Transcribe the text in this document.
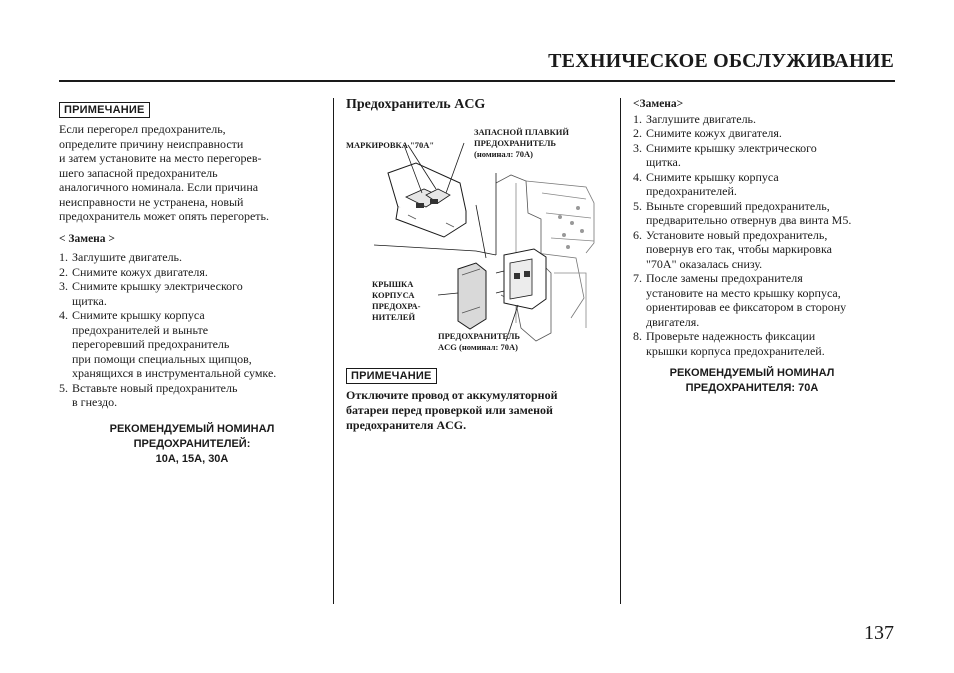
ТЕХНИЧЕСКОЕ ОБСЛУЖИВАНИЕ
ПРИМЕЧАНИЕ
Если перегорел предохранитель,
определите причину неисправности
и затем установите на место перегорев-
шего запасной предохранитель
аналогичного номинала. Если причина
неисправности не устранена, новый
предохранитель может опять перегореть.
< Замена >
1. Заглушите двигатель.
2. Снимите кожух двигателя.
3. Снимите крышку электрического
щитка.
4. Снимите крышку корпуса
предохранителей и выньте
перегоревший предохранитель
при помощи специальных щипцов,
хранящихся в инструментальной сумке.
5. Вставьте новый предохранитель
в гнездо.
РЕКОМЕНДУЕМЫЙ НОМИНАЛ
ПРЕДОХРАНИТЕЛЕЙ:
10А, 15А, 30А
Предохранитель ACG
МАРКИРОВКА "70A"
ЗАПАСНОЙ ПЛАВКИЙ
ПРЕДОХРАНИТЕЛЬ
(номинал: 70А)
КРЫШКА
КОРПУСА
ПРЕДОХРА-
НИТЕЛЕЙ
ПРЕДОХРАНИТЕЛЬ
ACG (номинал: 70А)
ПРИМЕЧАНИЕ
Отключите провод от аккумуляторной
батареи перед проверкой или заменой
предохранителя ACG.
<Замена>
1. Заглушите двигатель.
2. Снимите кожух двигателя.
3. Снимите крышку электрического
щитка.
4. Снимите крышку корпуса
предохранителей.
5. Выньте сгоревший предохранитель,
предварительно отвернув два винта М5.
6. Установите новый предохранитель,
повернув его так, чтобы маркировка
"70A" оказалась снизу.
7. После замены предохранителя
установите на место крышку корпуса,
ориентировав ее фиксатором в сторону
двигателя.
8. Проверьте надежность фиксации
крышки корпуса предохранителей.
РЕКОМЕНДУЕМЫЙ НОМИНАЛ
ПРЕДОХРАНИТЕЛЯ: 70А
137
